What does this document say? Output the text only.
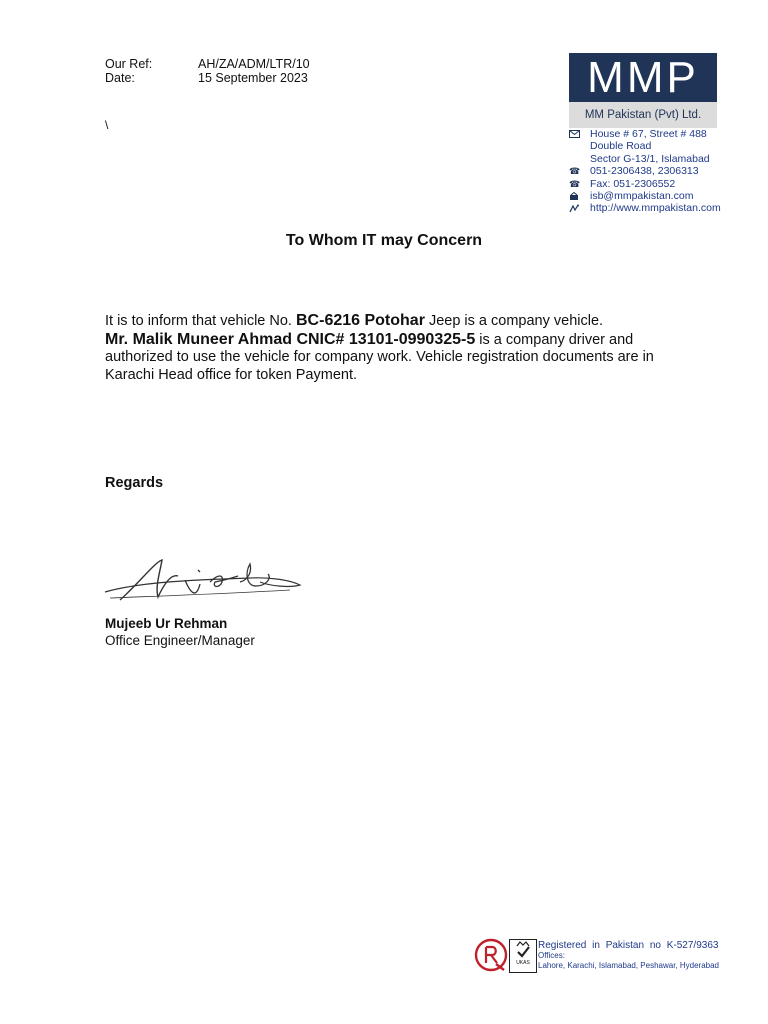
Our Ref:	AH/ZA/ADM/LTR/10
Date:	15 September 2023
\
MMP
MM Pakistan (Pvt) Ltd.
House # 67, Street # 488
Double Road
Sector G-13/1, Islamabad
☎ 051-2306438, 2306313
☎ Fax: 051-2306552
isb@mmpakistan.com
http://www.mmpakistan.com
To Whom IT may Concern
It is to inform that vehicle No. BC-6216 Potohar Jeep is a company vehicle.
Mr. Malik Muneer Ahmad CNIC# 13101-0990325-5 is a company driver and authorized to use the vehicle for company work. Vehicle registration documents are in Karachi Head office for token Payment.
Regards
Mujeeb Ur Rehman
Office Engineer/Manager
UKAS
Registered in Pakistan no K-527/9363
Offices:
Lahore, Karachi, Islamabad, Peshawar, Hyderabad
